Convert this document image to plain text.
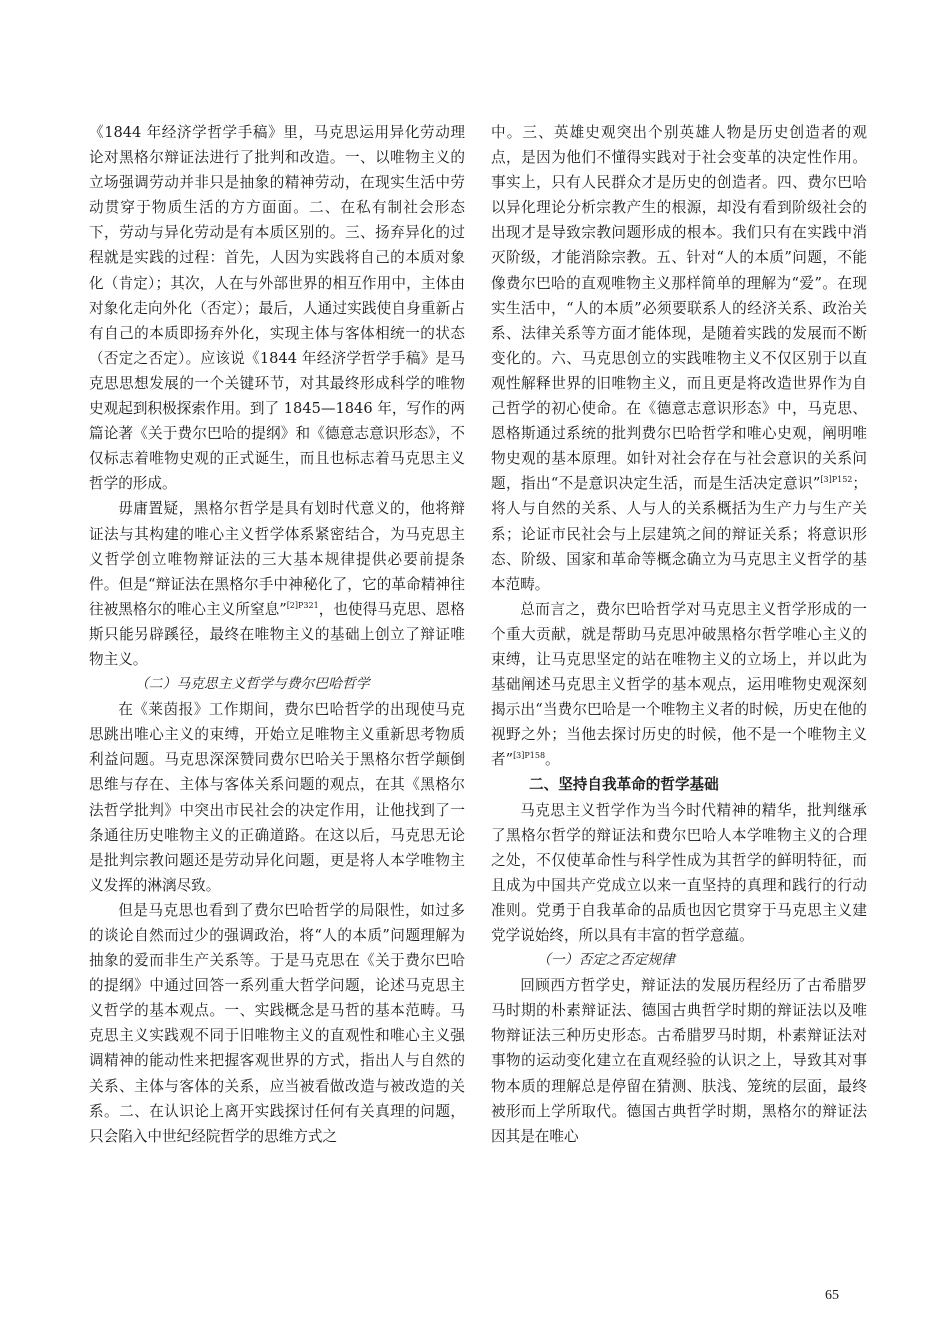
《1844 年经济学哲学手稿》里，马克思运用异化劳动理论对黑格尔辩证法进行了批判和改造。一、以唯物主义的立场强调劳动并非只是抽象的精神劳动，在现实生活中劳动贯穿于物质生活的方方面面。二、在私有制社会形态下，劳动与异化劳动是有本质区别的。三、扬弃异化的过程就是实践的过程：首先，人因为实践将自己的本质对象化（肯定）；其次，人在与外部世界的相互作用中，主体由对象化走向外化（否定）；最后，人通过实践使自身重新占有自己的本质即扬弃外化，实现主体与客体相统一的状态（否定之否定）。应该说《1844 年经济学哲学手稿》是马克思思想发展的一个关键环节，对其最终形成科学的唯物史观起到积极探索作用。到了 1845—1846 年，写作的两篇论著《关于费尔巴哈的提纲》和《德意志意识形态》，不仅标志着唯物史观的正式诞生，而且也标志着马克思主义哲学的形成。

毋庸置疑，黑格尔哲学是具有划时代意义的，他将辩证法与其构建的唯心主义哲学体系紧密结合，为马克思主义哲学创立唯物辩证法的三大基本规律提供必要前提条件。但是“辩证法在黑格尔手中神秘化了，它的革命精神往往被黑格尔的唯心主义所窒息”$^{[2]P321}$，也使得马克思、恩格斯只能另辟蹊径，最终在唯物主义的基础上创立了辩证唯物主义。

（二）马克思主义哲学与费尔巴哈哲学

在《莱茵报》工作期间，费尔巴哈哲学的出现使马克思跳出唯心主义的束缚，开始立足唯物主义重新思考物质利益问题。马克思深深赞同费尔巴哈关于黑格尔哲学颠倒思维与存在、主体与客体关系问题的观点，在其《黑格尔法哲学批判》中突出市民社会的决定作用，让他找到了一条通往历史唯物主义的正确道路。在这以后，马克思无论是批判宗教问题还是劳动异化问题，更是将人本学唯物主义发挥的淋漓尽致。

但是马克思也看到了费尔巴哈哲学的局限性，如过多的谈论自然而过少的强调政治，将“人的本质”问题理解为抽象的爱而非生产关系等。于是马克思在《关于费尔巴哈的提纲》中通过回答一系列重大哲学问题，论述马克思主义哲学的基本观点。一、实践概念是马哲的基本范畴。马克思主义实践观不同于旧唯物主义的直观性和唯心主义强调精神的能动性来把握客观世界的方式，指出人与自然的关系、主体与客体的关系，应当被看做改造与被改造的关系。二、在认识论上离开实践探讨任何有关真理的问题，只会陷入中世纪经院哲学的思维方式之

中。三、英雄史观突出个别英雄人物是历史创造者的观点，是因为他们不懂得实践对于社会变革的决定性作用。事实上，只有人民群众才是历史的创造者。四、费尔巴哈以异化理论分析宗教产生的根源，却没有看到阶级社会的出现才是导致宗教问题形成的根本。我们只有在实践中消灭阶级，才能消除宗教。五、针对“人的本质”问题，不能像费尔巴哈的直观唯物主义那样简单的理解为“爱”。在现实生活中，“人的本质”必须要联系人的经济关系、政治关系、法律关系等方面才能体现，是随着实践的发展而不断变化的。六、马克思创立的实践唯物主义不仅区别于以直观性解释世界的旧唯物主义，而且更是将改造世界作为自己哲学的初心使命。在《德意志意识形态》中，马克思、恩格斯通过系统的批判费尔巴哈哲学和唯心史观，阐明唯物史观的基本原理。如针对社会存在与社会意识的关系问题，指出“不是意识决定生活，而是生活决定意识”$^{[3]P152}$；将人与自然的关系、人与人的关系概括为生产力与生产关系；论证市民社会与上层建筑之间的辩证关系；将意识形态、阶级、国家和革命等概念确立为马克思主义哲学的基本范畴。

总而言之，费尔巴哈哲学对马克思主义哲学形成的一个重大贡献，就是帮助马克思冲破黑格尔哲学唯心主义的束缚，让马克思坚定的站在唯物主义的立场上，并以此为基础阐述马克思主义哲学的基本观点，运用唯物史观深刻揭示出“当费尔巴哈是一个唯物主义者的时候，历史在他的视野之外；当他去探讨历史的时候，他不是一个唯物主义者”$^{[3]P158}$。

二、坚持自我革命的哲学基础

马克思主义哲学作为当今时代精神的精华，批判继承了黑格尔哲学的辩证法和费尔巴哈人本学唯物主义的合理之处，不仅使革命性与科学性成为其哲学的鲜明特征，而且成为中国共产党成立以来一直坚持的真理和践行的行动准则。党勇于自我革命的品质也因它贯穿于马克思主义建党学说始终，所以具有丰富的哲学意蕴。

（一）否定之否定规律

回顾西方哲学史，辩证法的发展历程经历了古希腊罗马时期的朴素辩证法、德国古典哲学时期的辩证法以及唯物辩证法三种历史形态。古希腊罗马时期，朴素辩证法对事物的运动变化建立在直观经验的认识之上，导致其对事物本质的理解总是停留在猜测、肤浅、笼统的层面，最终被形而上学所取代。德国古典哲学时期，黑格尔的辩证法因其是在唯心

65
